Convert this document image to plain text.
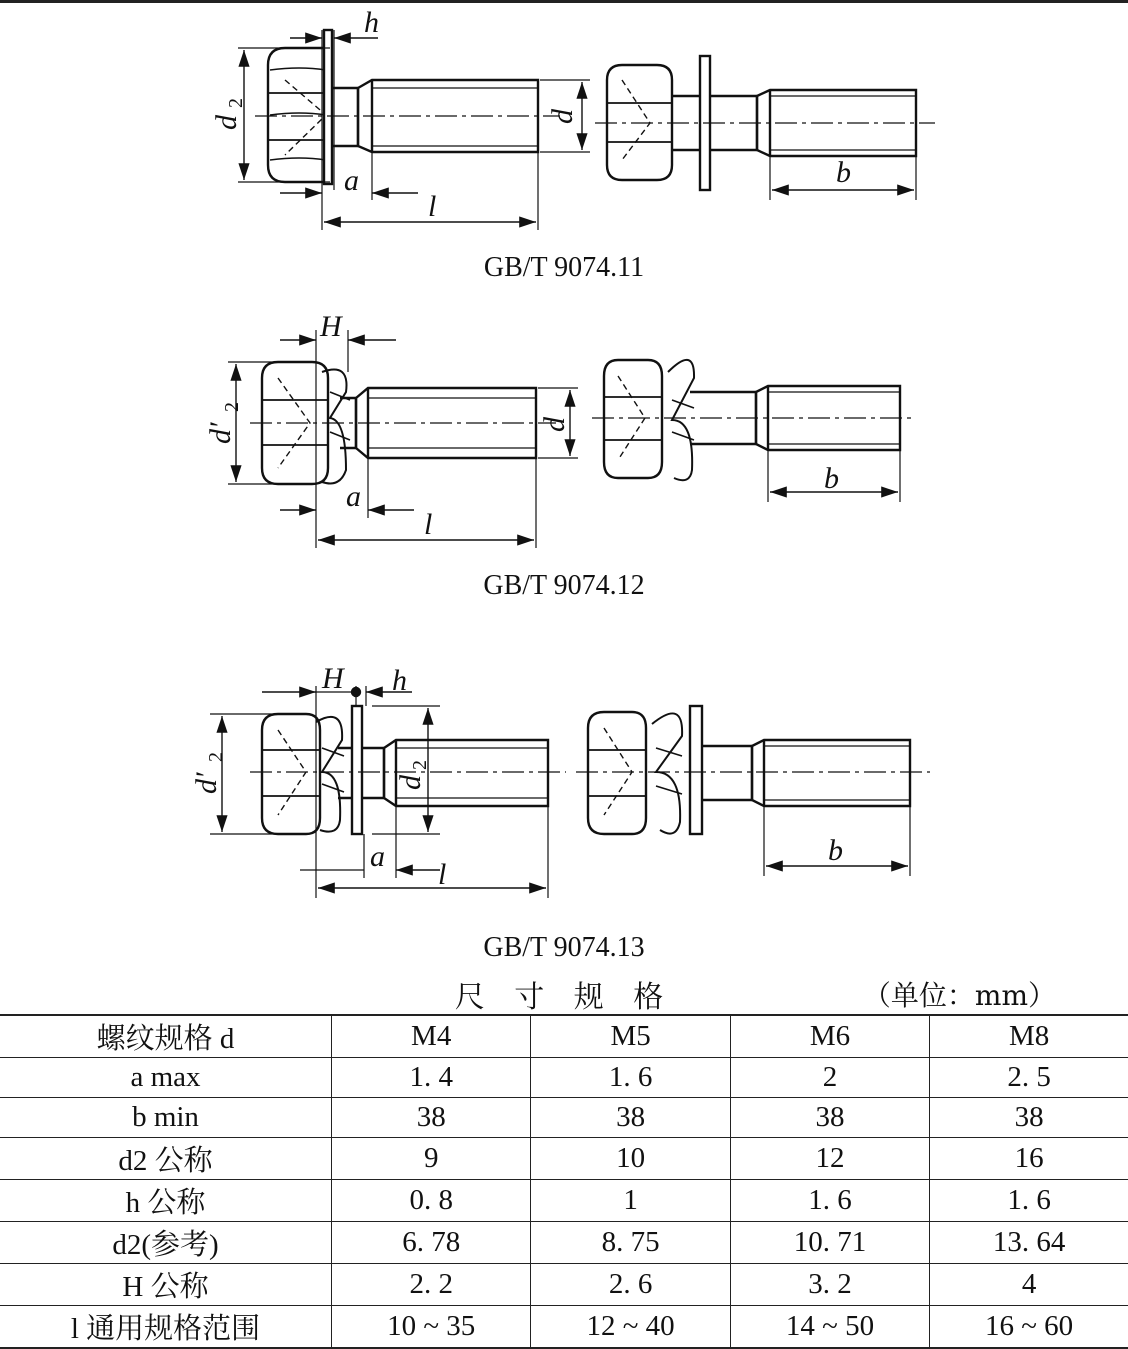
h
d
2
d
a
l
b
H
d′
2
d
a
l
b
H h
d′
2
d
2
a
l
b
GB/T 9074.11
GB/T 9074.12
GB/T 9074.13
尺 寸 规 格	（单位：mm）
螺纹规格 d	M4	M5	M6	M8
a max	1. 4	1. 6	2	2. 5
b min	38	38	38	38
d2 公称	9	10	12	16
h 公称	0. 8	1	1. 6	1. 6
d2(参考)	6. 78	8. 75	10. 71	13. 64
H 公称	2. 2	2. 6	3. 2	4
l 通用规格范围	10 ~ 35	12 ~ 40	14 ~ 50	16 ~ 60
